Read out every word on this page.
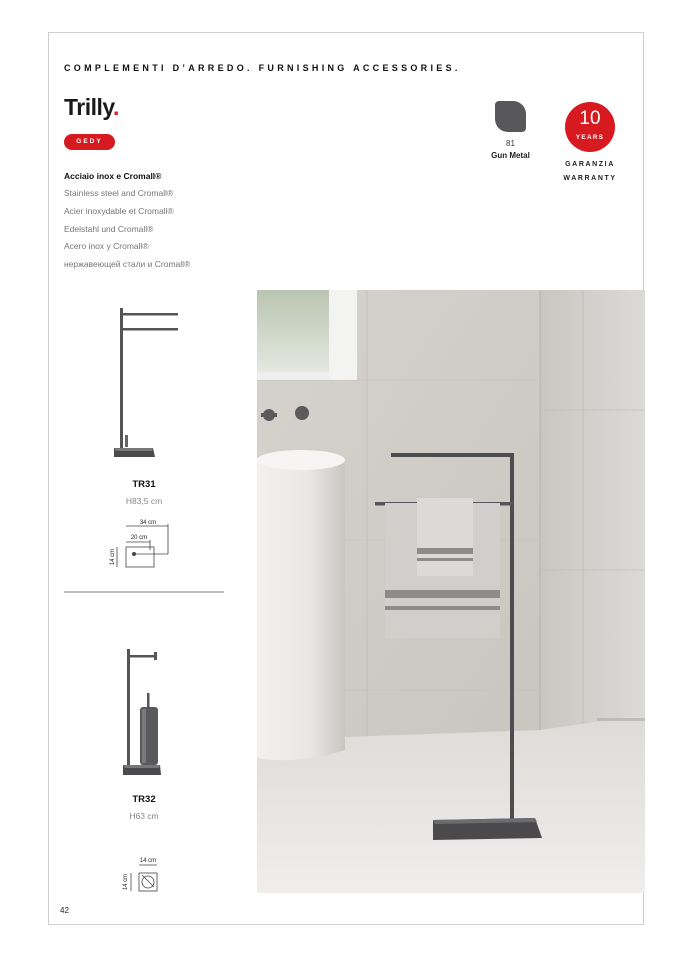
COMPLEMENTI D’ARREDO. FURNISHING ACCESSORIES.
Trilly.
GEDY
Acciaio inox e Cromall®
Stainless steel and Cromall®
Acier inoxydable et Cromall®
Edelstahl und Cromall®
Acero inox y Cromall®
нержавеющей стали и Cromall®
81
Gun Metal
10
YEARS
GARANZIA
WARRANTY
TR31
H83,5 cm
34 cm
20 cm
14 cm
TR32
H63 cm
14 cm
14 cm
42
